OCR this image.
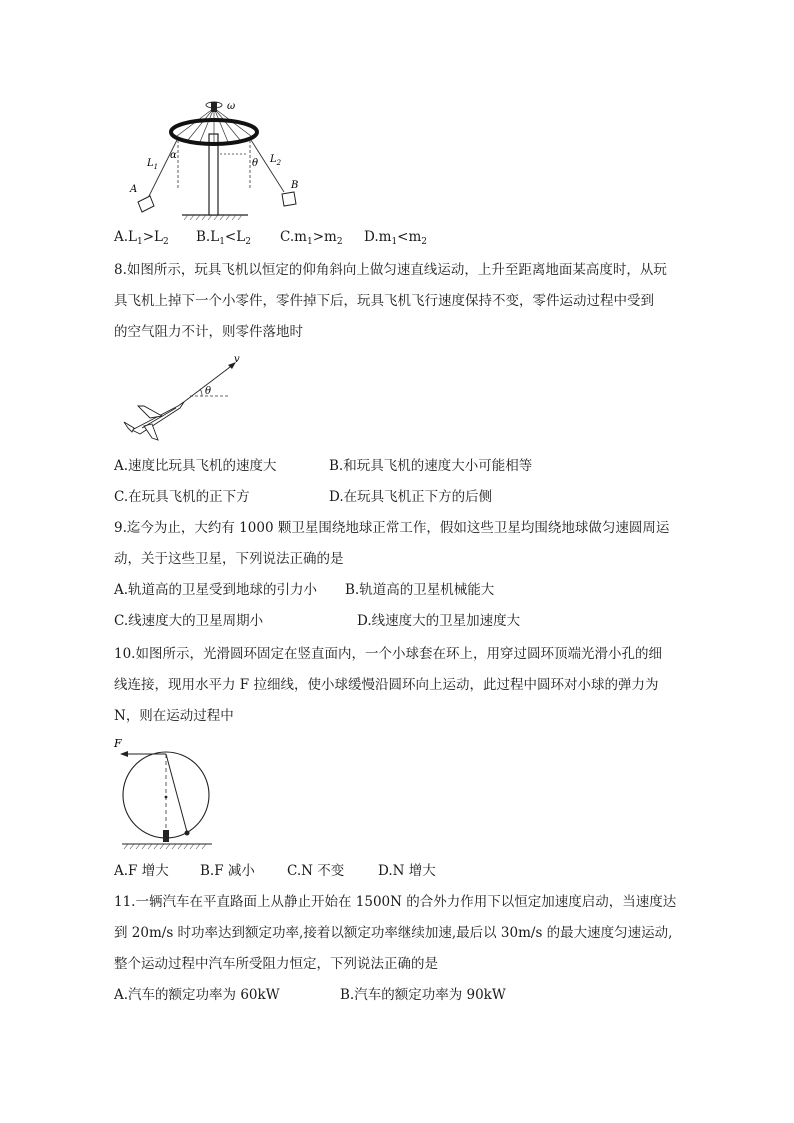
ω
$L_1$
α
θ $L_2$
A	B
$A.L_1>L_2$ $B.L_1<L_2$ $C.m_1>m_2$ $D.m_1<m_2$
8.如图所示，玩具飞机以恒定的仰角斜向上做匀速直线运动，上升至距离地面某高度时，从玩
具飞机上掉下一个小零件，零件掉下后，玩具飞机飞行速度保持不变，零件运动过程中受到
的空气阻力不计，则零件落地时
v
θ
A.速度比玩具飞机的速度大	B.和玩具飞机的速度大小可能相等
C.在玩具飞机的正下方	D.在玩具飞机正下方的后侧
9.迄今为止，大约有 1000 颗卫星围绕地球正常工作，假如这些卫星均围绕地球做匀速圆周运
动，关于这些卫星，下列说法正确的是
A.轨道高的卫星受到地球的引力小 B.轨道高的卫星机械能大
C.线速度大的卫星周期小	D.线速度大的卫星加速度大
10.如图所示，光滑圆环固定在竖直面内，一个小球套在环上，用穿过圆环顶端光滑小孔的细
线连接，现用水平力 F 拉细线，使小球缓慢沿圆环向上运动，此过程中圆环对小球的弹力为
N，则在运动过程中
F
A.F 增大 B.F 减小 C.N 不变	D.N 增大
11.一辆汽车在平直路面上从静止开始在 1500N 的合外力作用下以恒定加速度启动，当速度达
到 20m/s 时功率达到额定功率,接着以额定功率继续加速,最后以 30m/s 的最大速度匀速运动,
整个运动过程中汽车所受阻力恒定，下列说法正确的是
A.汽车的额定功率为 60kW	B.汽车的额定功率为 90kW
